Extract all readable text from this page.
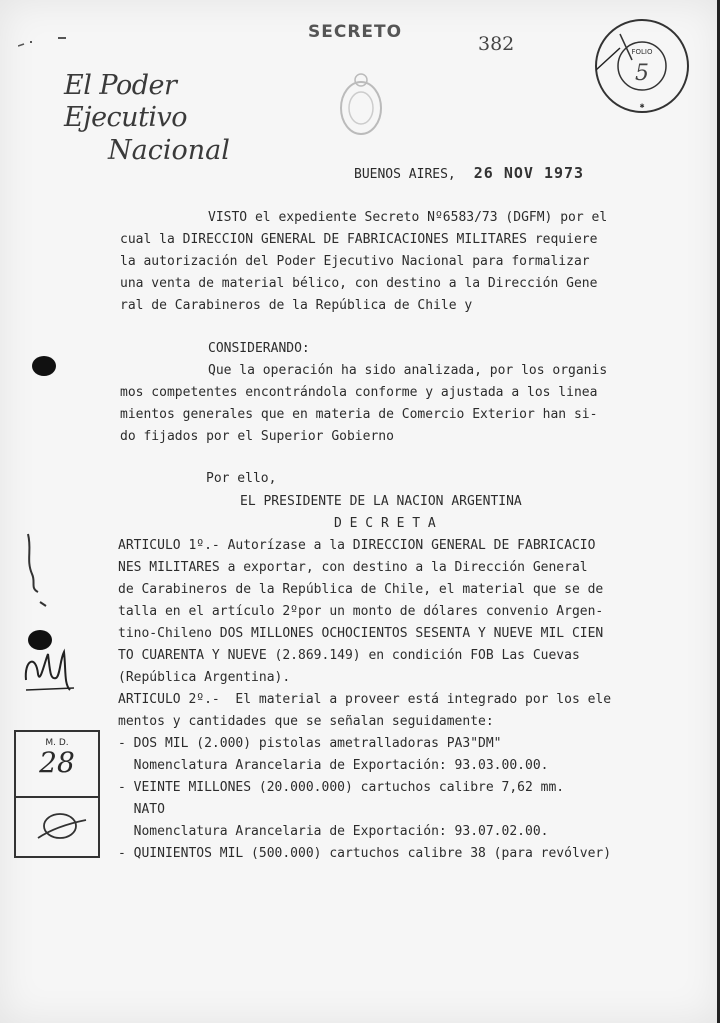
El Poder Ejecutivo
Nacional
SECRETO
382	FOLIO
5
✱
BUENOS AIRES, 26 NOV 1973
VISTO el expediente Secreto Nº6583/73 (DGFM) por el
cual la DIRECCION GENERAL DE FABRICACIONES MILITARES requiere
la autorización del Poder Ejecutivo Nacional para formalizar
una venta de material bélico, con destino a la Dirección Gene
ral de Carabineros de la República de Chile y
CONSIDERANDO:
Que la operación ha sido analizada, por los organis
mos competentes encontrándola conforme y ajustada a los linea
mientos generales que en materia de Comercio Exterior han si-
do fijados por el Superior Gobierno
Por ello,
EL PRESIDENTE DE LA NACION ARGENTINA
D E C R E T A
ARTICULO 1º.- Autorízase a la DIRECCION GENERAL DE FABRICACIO
NES MILITARES a exportar, con destino a la Dirección General
de Carabineros de la República de Chile, el material que se de
talla en el artículo 2ºpor un monto de dólares convenio Argen-
tino-Chileno DOS MILLONES OCHOCIENTOS SESENTA Y NUEVE MIL CIEN
TO CUARENTA Y NUEVE (2.869.149) en condición FOB Las Cuevas
(República Argentina).
ARTICULO 2º.-  El material a proveer está integrado por los ele
mentos y cantidades que se señalan seguidamente:
- DOS MIL (2.000) pistolas ametralladoras PA3"DM"
Nomenclatura Arancelaria de Exportación: 93.03.00.00.
- VEINTE MILLONES (20.000.000) cartuchos calibre 7,62 mm.
NATO
Nomenclatura Arancelaria de Exportación: 93.07.02.00.
- QUINIENTOS MIL (500.000) cartuchos calibre 38 (para revólver)
M. D.
28
